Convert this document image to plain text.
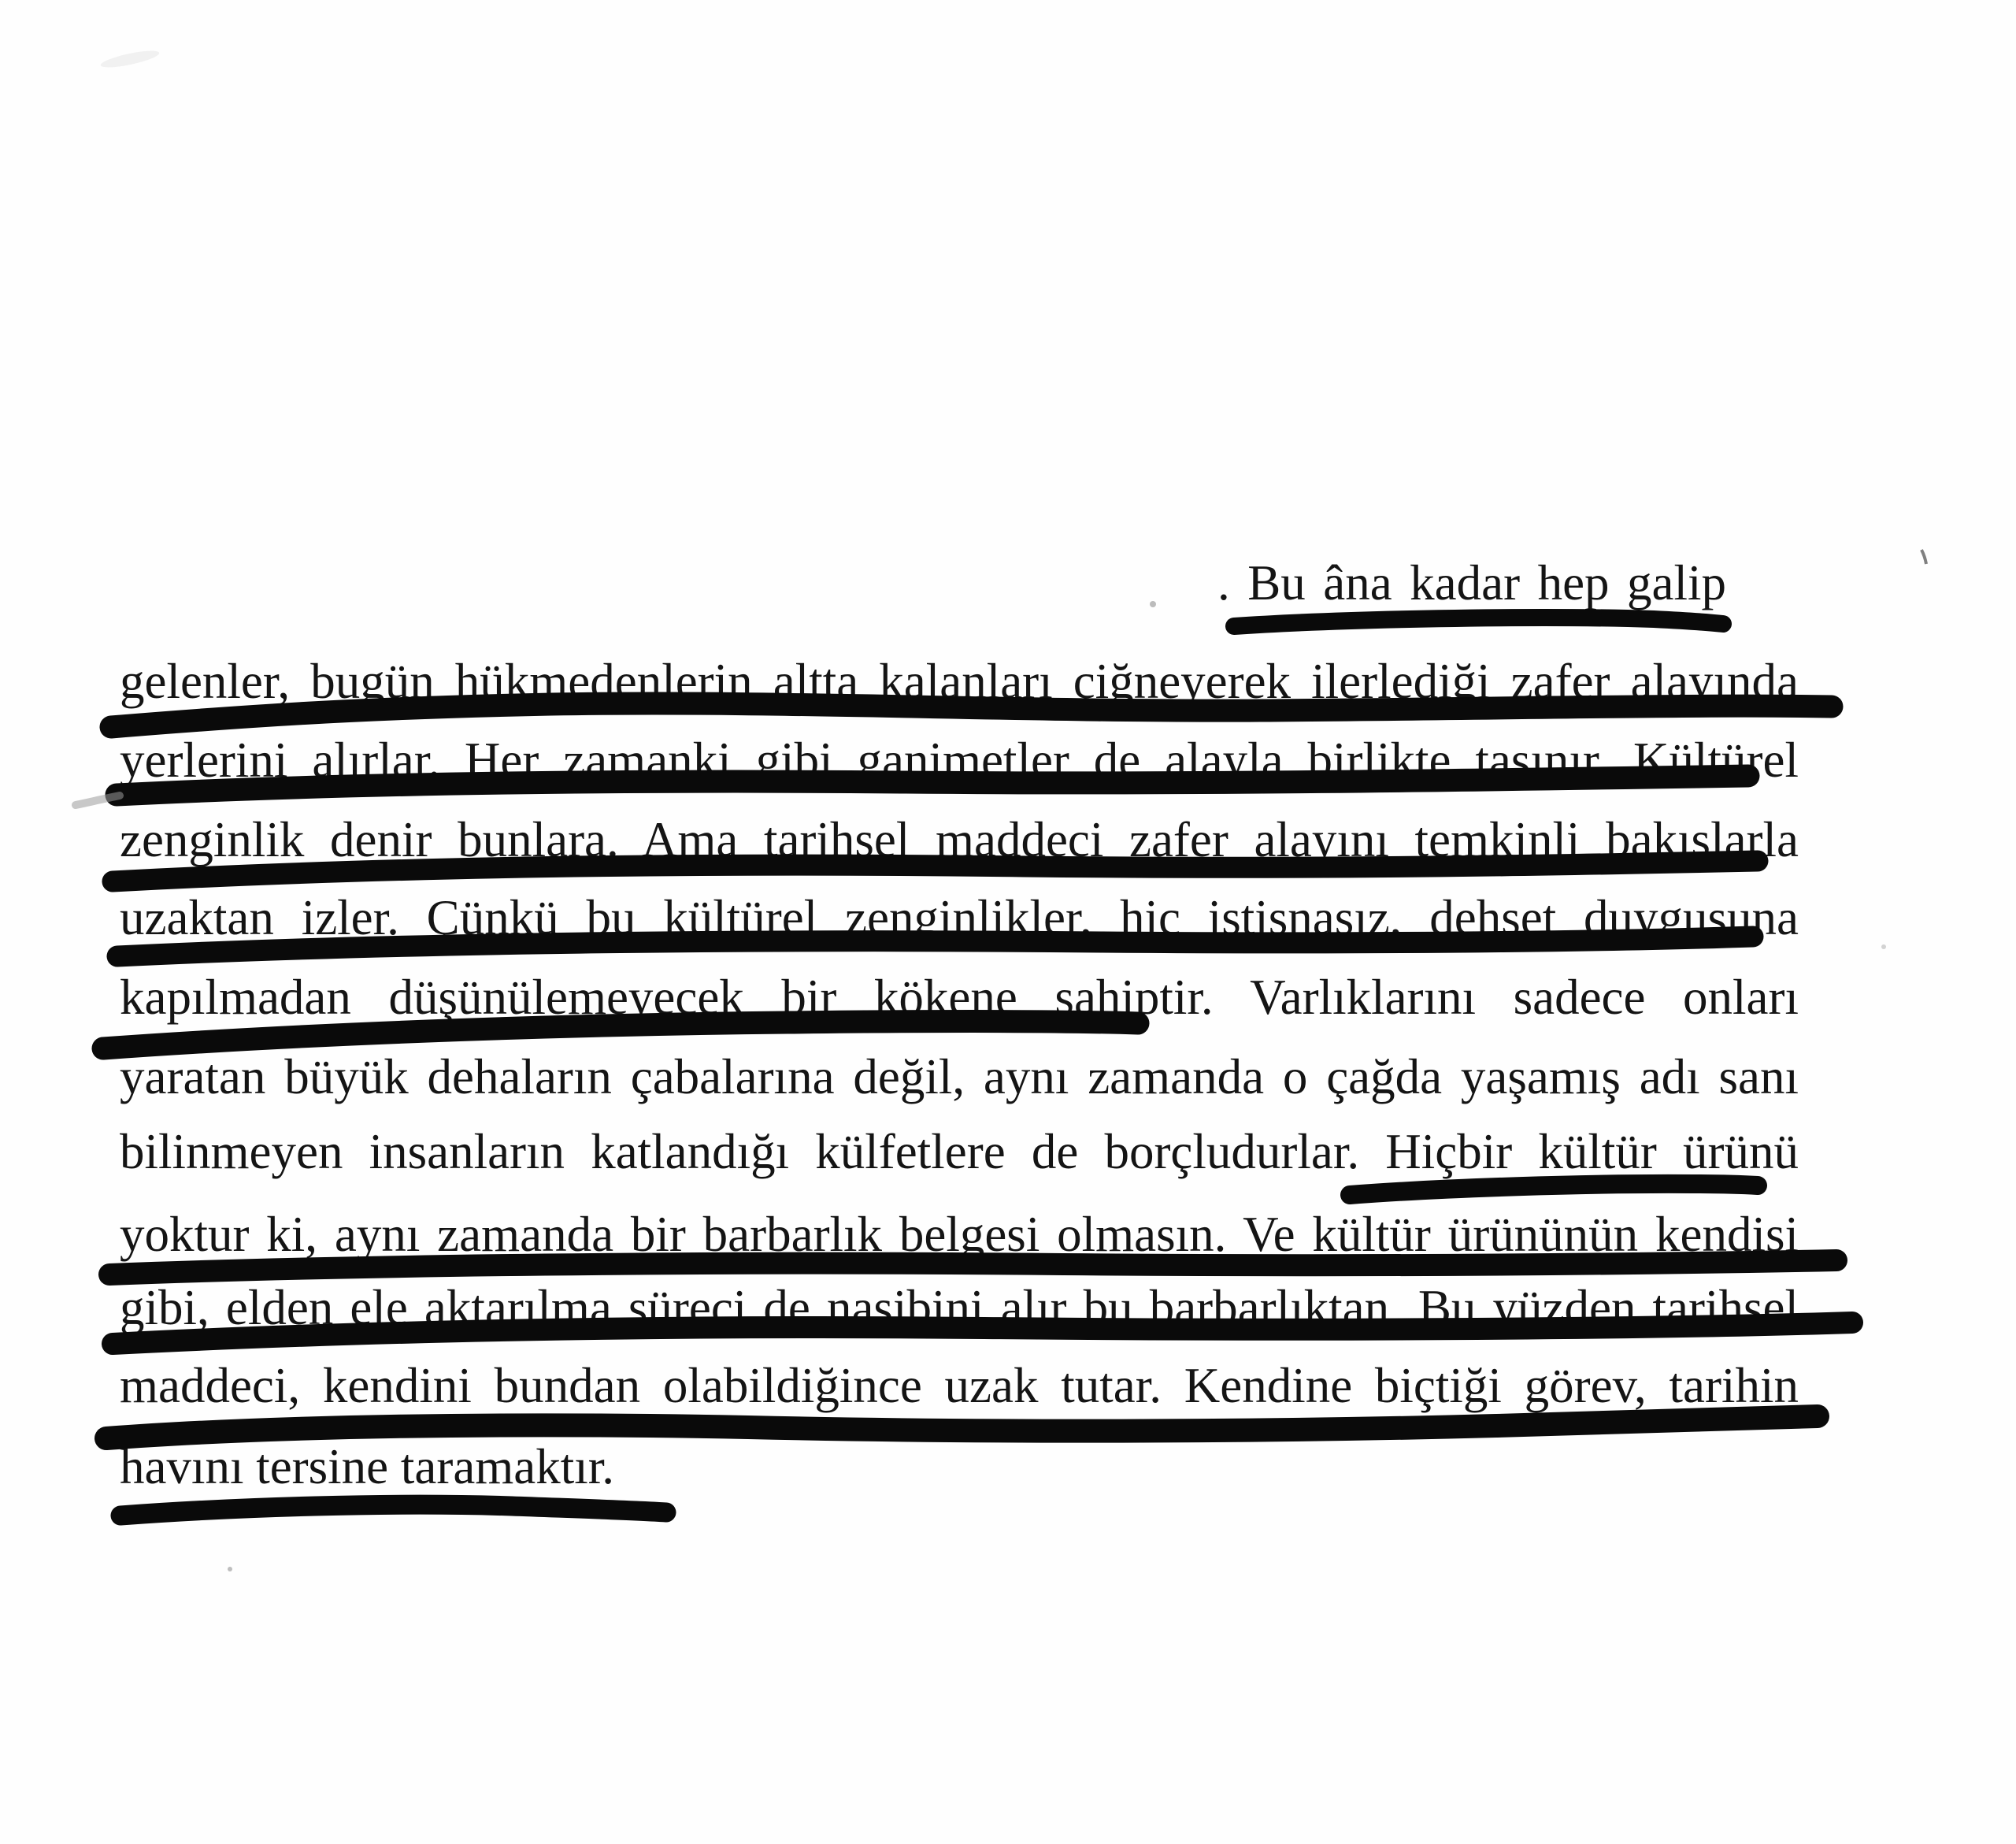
. Bu âna kadar hep galip
gelenler, bugün hükmedenlerin altta kalanları çiğneyerek ilerlediği zafer alayında
yerlerini alırlar. Her zamanki gibi ganimetler de alayla birlikte taşınır. Kültürel
zenginlik denir bunlara. Ama tarihsel maddeci zafer alayını temkinli bakışlarla
uzaktan izler. Çünkü bu kültürel zenginlikler, hiç istisnasız, dehşet duygusuna
kapılmadan düşünülemeyecek bir kökene sahiptir. Varlıklarını sadece onları
yaratan büyük dehaların çabalarına değil, aynı zamanda o çağda yaşamış adı sanı
bilinmeyen insanların katlandığı külfetlere de borçludurlar. Hiçbir kültür ürünü
yoktur ki, aynı zamanda bir barbarlık belgesi olmasın. Ve kültür ürününün kendisi
gibi, elden ele aktarılma süreci de nasibini alır bu barbarlıktan. Bu yüzden tarihsel
maddeci, kendini bundan olabildiğince uzak tutar. Kendine biçtiği görev, tarihin
havını tersine taramaktır.
